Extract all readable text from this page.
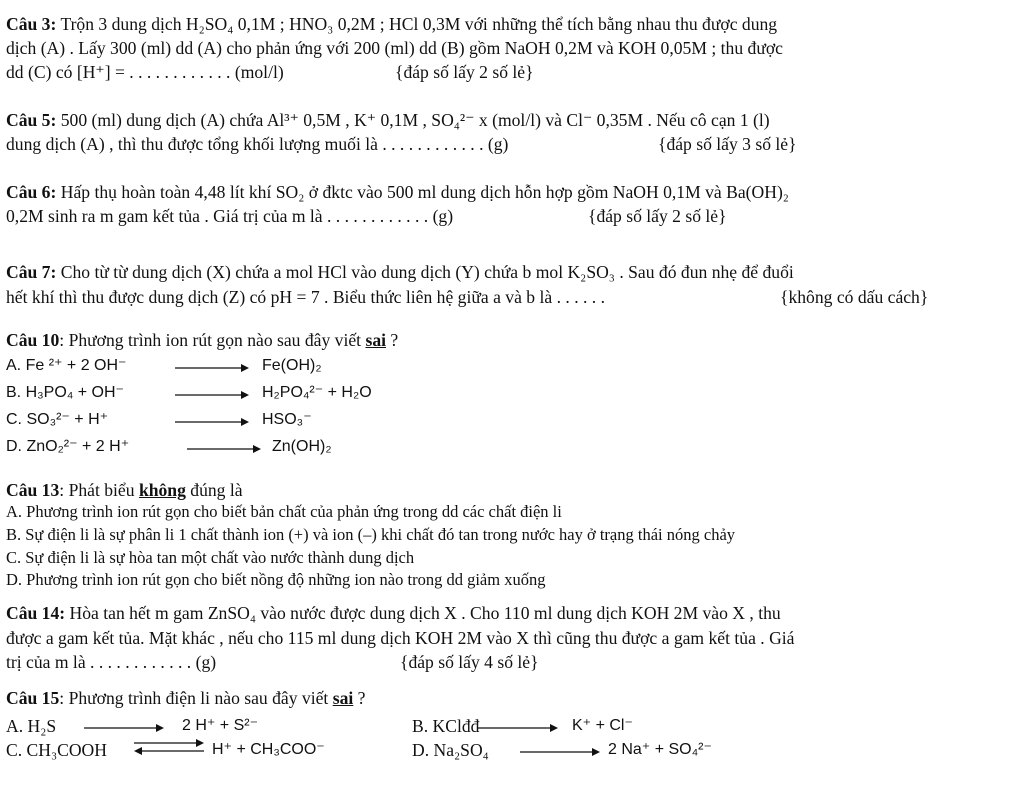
Câu 3: Trộn 3 dung dịch H₂SO₄ 0,1M ; HNO₃ 0,2M ; HCl 0,3M với những thể tích bằng nhau thu được dung
dịch (A) . Lấy 300 (ml) dd (A) cho phản ứng với 200 (ml) dd (B) gồm NaOH 0,2M và KOH 0,05M ; thu được
dd (C) có [H⁺] = . . . . . . . . . . . . (mol/l)	{đáp số lấy 2 số lẻ}
Câu 5: 500 (ml) dung dịch (A) chứa Al³⁺ 0,5M , K⁺ 0,1M , SO₄²⁻ x (mol/l) và Cl⁻ 0,35M . Nếu cô cạn 1 (l)
dung dịch (A) , thì thu được tổng khối lượng muối là . . . . . . . . . . . . (g)	{đáp số lấy 3 số lẻ}
Câu 6: Hấp thụ hoàn toàn 4,48 lít khí SO₂ ở đktc vào 500 ml dung dịch hỗn hợp gồm NaOH 0,1M và Ba(OH)₂
0,2M sinh ra m gam kết tủa . Giá trị của m là . . . . . . . . . . . . (g)	{đáp số lấy 2 số lẻ}
Câu 7: Cho từ từ dung dịch (X) chứa a mol HCl vào dung dịch (Y) chứa b mol K₂SO₃ . Sau đó đun nhẹ để đuổi
hết khí thì thu được dung dịch (Z) có pH = 7 . Biểu thức liên hệ giữa a và b là . . . . . .	{không có dấu cách}
Câu 10: Phương trình ion rút gọn nào sau đây viết sai ?
A. Fe ²⁺ + 2 OH⁻	Fe(OH)₂
B. H₃PO₄ + OH⁻	H₂PO₄²⁻ + H₂O
C. SO₃²⁻ + H⁺	HSO₃⁻
D. ZnO₂²⁻ + 2 H⁺	Zn(OH)₂
Câu 13: Phát biểu không đúng là
A. Phương trình ion rút gọn cho biết bản chất của phản ứng trong dd các chất điện li
B. Sự điện li là sự phân li 1 chất thành ion (+) và ion (–) khi chất đó tan trong nước hay ở trạng thái nóng chảy
C. Sự điện li là sự hòa tan một chất vào nước thành dung dịch
D. Phương trình ion rút gọn cho biết nồng độ những ion nào trong dd giảm xuống
Câu 14: Hòa tan hết m gam ZnSO₄ vào nước được dung dịch X . Cho 110 ml dung dịch KOH 2M vào X , thu
được a gam kết tủa. Mặt khác , nếu cho 115 ml dung dịch KOH 2M vào X thì cũng thu được a gam kết tủa . Giá
trị của m là . . . . . . . . . . . . (g)	{đáp số lấy 4 số lẻ}
Câu 15: Phương trình điện li nào sau đây viết sai ?
A. H₂S	2 H⁺ + S²⁻	B. KClđđ	K⁺ + Cl⁻
C. CH₃COOH ⇌ H⁺ + CH₃COO⁻	D. Na₂SO₄	2 Na⁺ + SO₄²⁻
